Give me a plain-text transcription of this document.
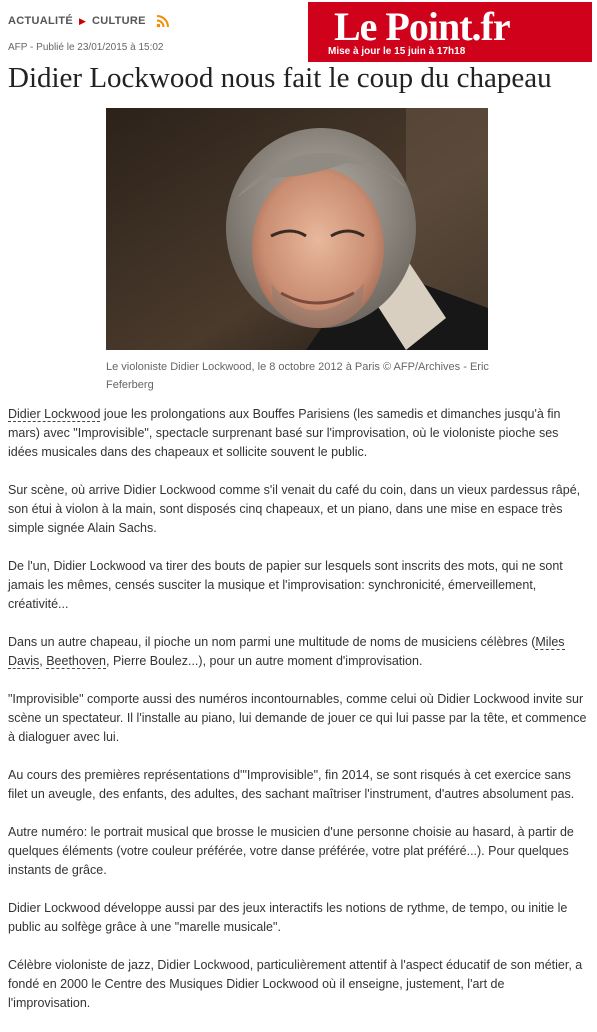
ACTUALITÉ ▶ CULTURE
AFP - Publié le 23/01/2015 à 15:02	Le Point.fr
Mise à jour le 15 juin à 17h18
Didier Lockwood nous fait le coup du chapeau
Le violoniste Didier Lockwood, le 8 octobre 2012 à Paris © AFP/Archives - Eric Feferberg

Didier Lockwood joue les prolongations aux Bouffes Parisiens (les samedis et dimanches jusqu'à fin mars) avec "Improvisible", spectacle surprenant basé sur l'improvisation, où le violoniste pioche ses idées musicales dans des chapeaux et sollicite souvent le public.

Sur scène, où arrive Didier Lockwood comme s'il venait du café du coin, dans un vieux pardessus râpé, son étui à violon à la main, sont disposés cinq chapeaux, et un piano, dans une mise en espace très simple signée Alain Sachs.

De l'un, Didier Lockwood va tirer des bouts de papier sur lesquels sont inscrits des mots, qui ne sont jamais les mêmes, censés susciter la musique et l'improvisation: synchronicité, émerveillement, créativité...

Dans un autre chapeau, il pioche un nom parmi une multitude de noms de musiciens célèbres (Miles Davis, Beethoven, Pierre Boulez...), pour un autre moment d'improvisation.

"Improvisible" comporte aussi des numéros incontournables, comme celui où Didier Lockwood invite sur scène un spectateur. Il l'installe au piano, lui demande de jouer ce qui lui passe par la tête, et commence à dialoguer avec lui.

Au cours des premières représentations d'"Improvisible", fin 2014, se sont risqués à cet exercice sans filet un aveugle, des enfants, des adultes, des sachant maîtriser l'instrument, d'autres absolument pas.

Autre numéro: le portrait musical que brosse le musicien d'une personne choisie au hasard, à partir de quelques éléments (votre couleur préférée, votre danse préférée, votre plat préféré...). Pour quelques instants de grâce.

Didier Lockwood développe aussi par des jeux interactifs les notions de rythme, de tempo, ou initie le public au solfège grâce à une "marelle musicale".

Célèbre violoniste de jazz, Didier Lockwood, particulièrement attentif à l'aspect éducatif de son métier, a fondé en 2000 le Centre des Musiques Didier Lockwood où il enseigne, justement, l'art de l'improvisation.
